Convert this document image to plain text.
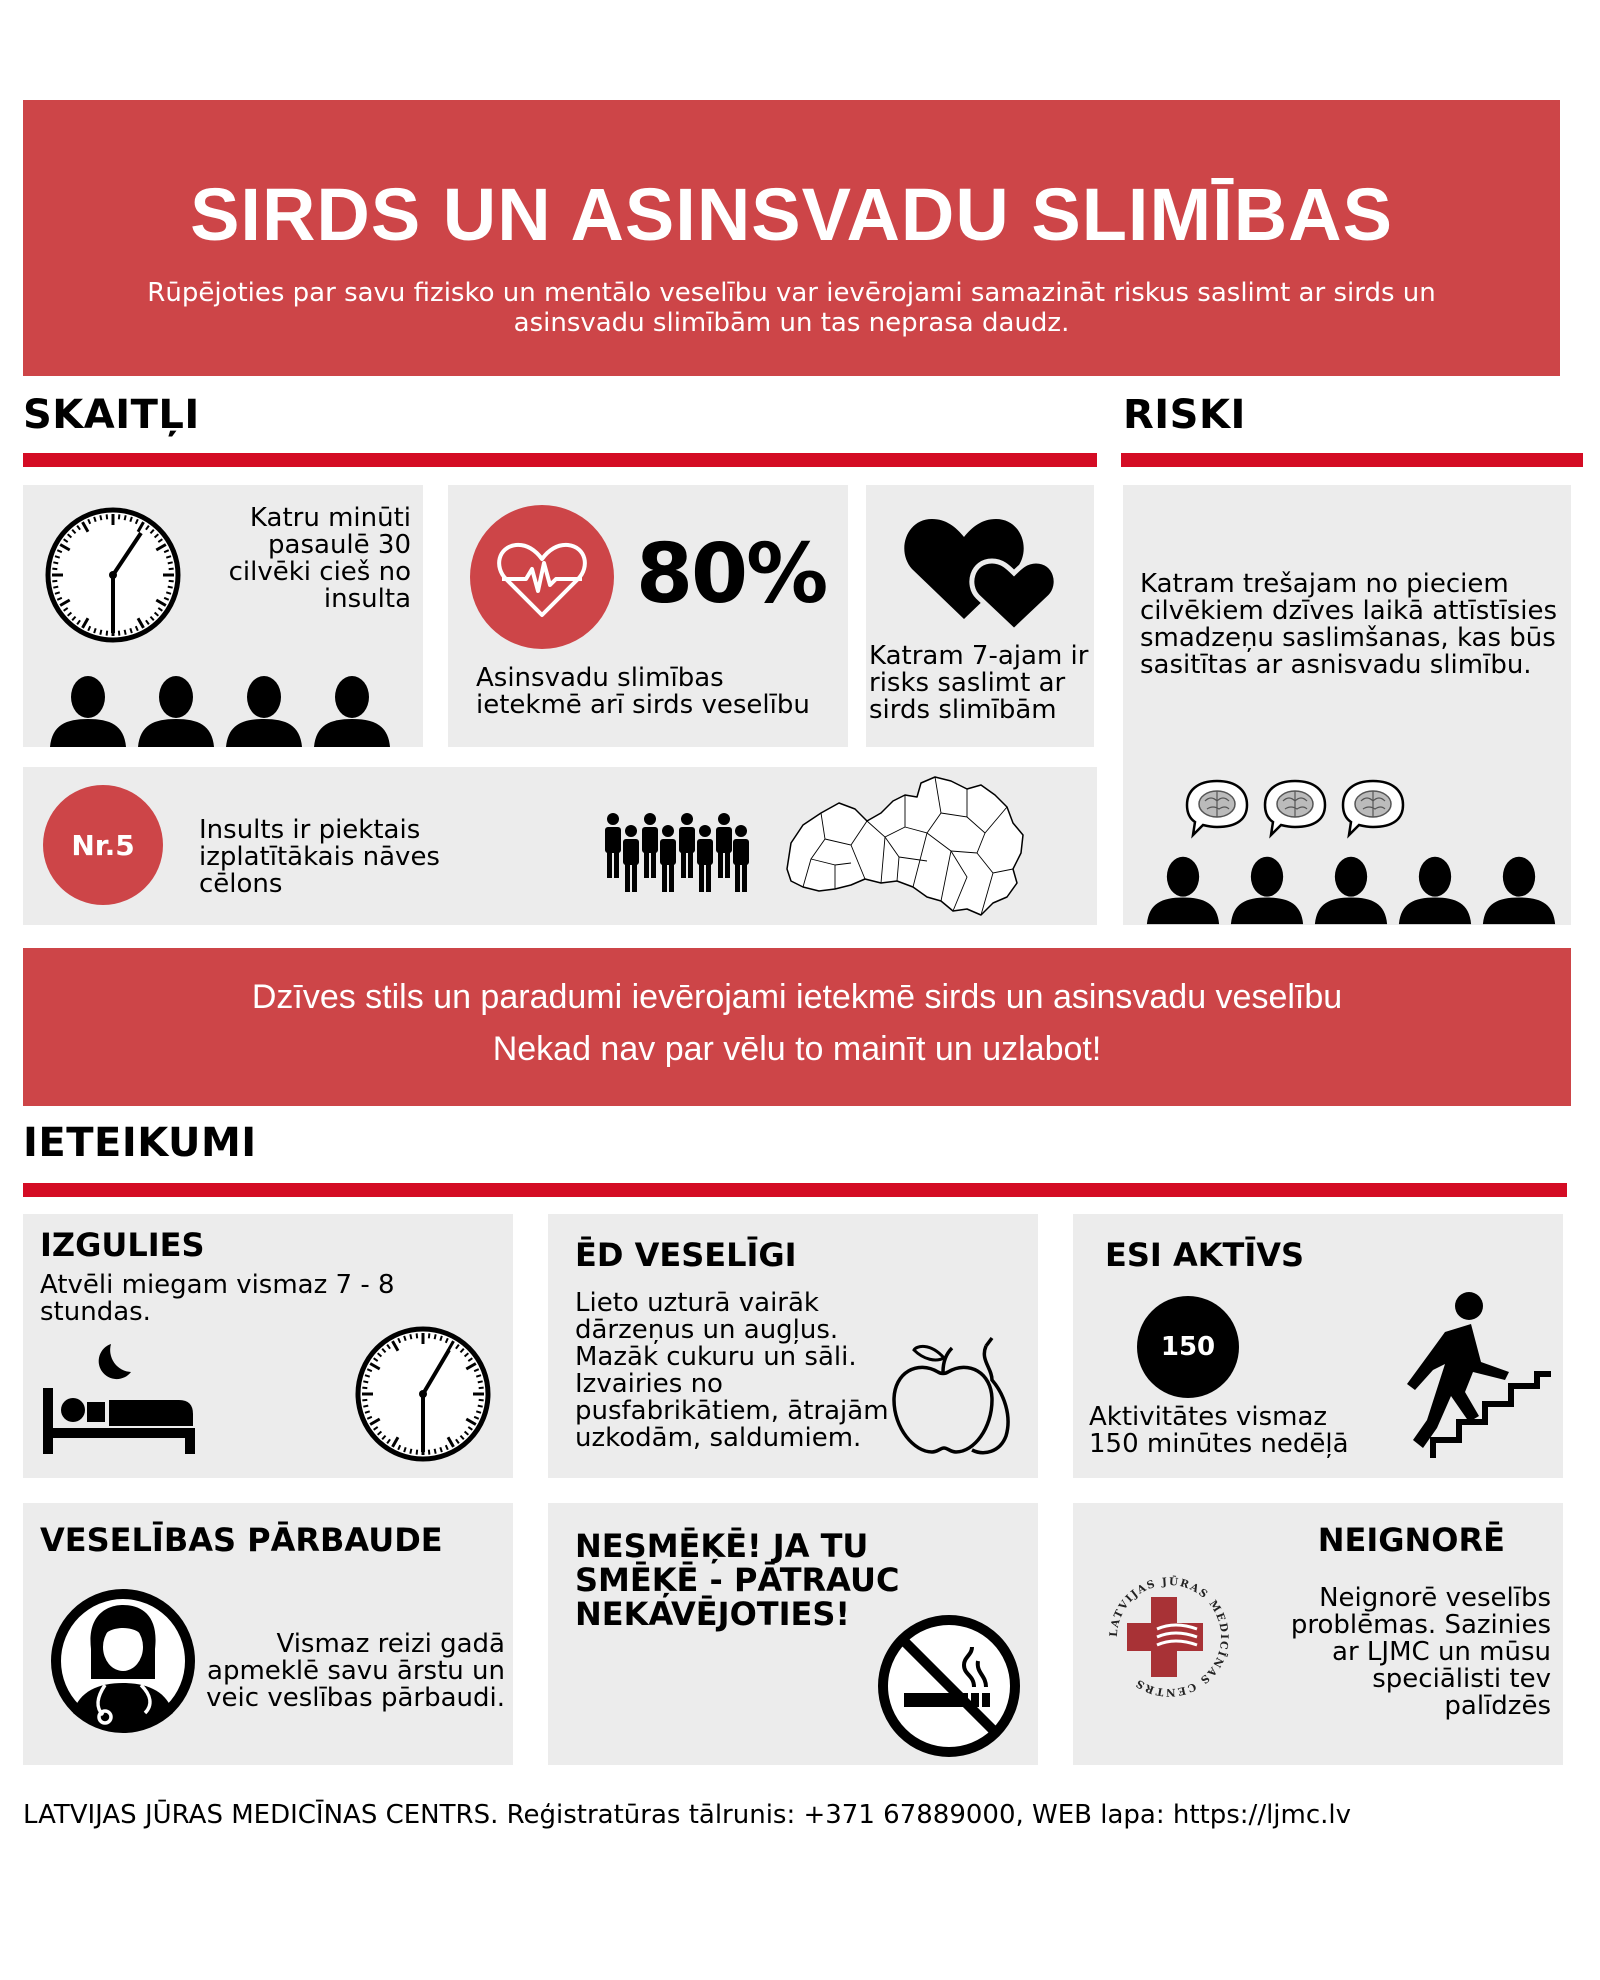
SIRDS UN ASINSVADU SLIMĪBAS
Rūpējoties par savu fizisko un mentālo veselību var ievērojami samazināt riskus saslimt ar sirds un asinsvadu slimībām un tas neprasa daudz.
SKAITĻI	RISKI
Katru minūti pasaulē 30 cilvēki cieš no insulta	80%
Asinsvadu slimības ietekmē arī sirds veselību
Katram 7-ajam ir risks saslimt ar sirds slimībām
Nr.5 Insults ir piektais izplatītākais nāves cēlons
Katram trešajam no pieciem cilvēkiem dzīves laikā attīstīsies smadzeņu saslimšanas, kas būs sasitītas ar asnisvadu slimību.
Dzīves stils un paradumi ievērojami ietekmē sirds un asinsvadu veselību
Nekad nav par vēlu to mainīt un uzlabot!
IETEIKUMI
IZGULIES
Atvēli miegam vismaz 7 - 8 stundas.
ĒD VESELĪGI
Lieto uzturā vairāk dārzeņus un augļus. Mazāk cukuru un sāli. Izvairies no pusfabrikātiem, ātrajām uzkodām, saldumiem.
ESI AKTĪVS
150
Aktivitātes vismaz 150 minūtes nedēļā
VESELĪBAS PĀRBAUDE
Vismaz reizi gadā apmeklē savu ārstu un veic veslības pārbaudi.
NESMĒĶĒ! JA TU SMĒĶĒ - PĀTRAUC NEKAVĒJOTIES!
NEIGNORĒ
LATVIJAS JŪRAS MEDICĪNAS CENTRS
Neignorē veselībs problēmas. Sazinies ar LJMC un mūsu speciālisti tev palīdzēs
LATVIJAS JŪRAS MEDICĪNAS CENTRS. Reģistratūras tālrunis: +371 67889000, WEB lapa: https://ljmc.lv
